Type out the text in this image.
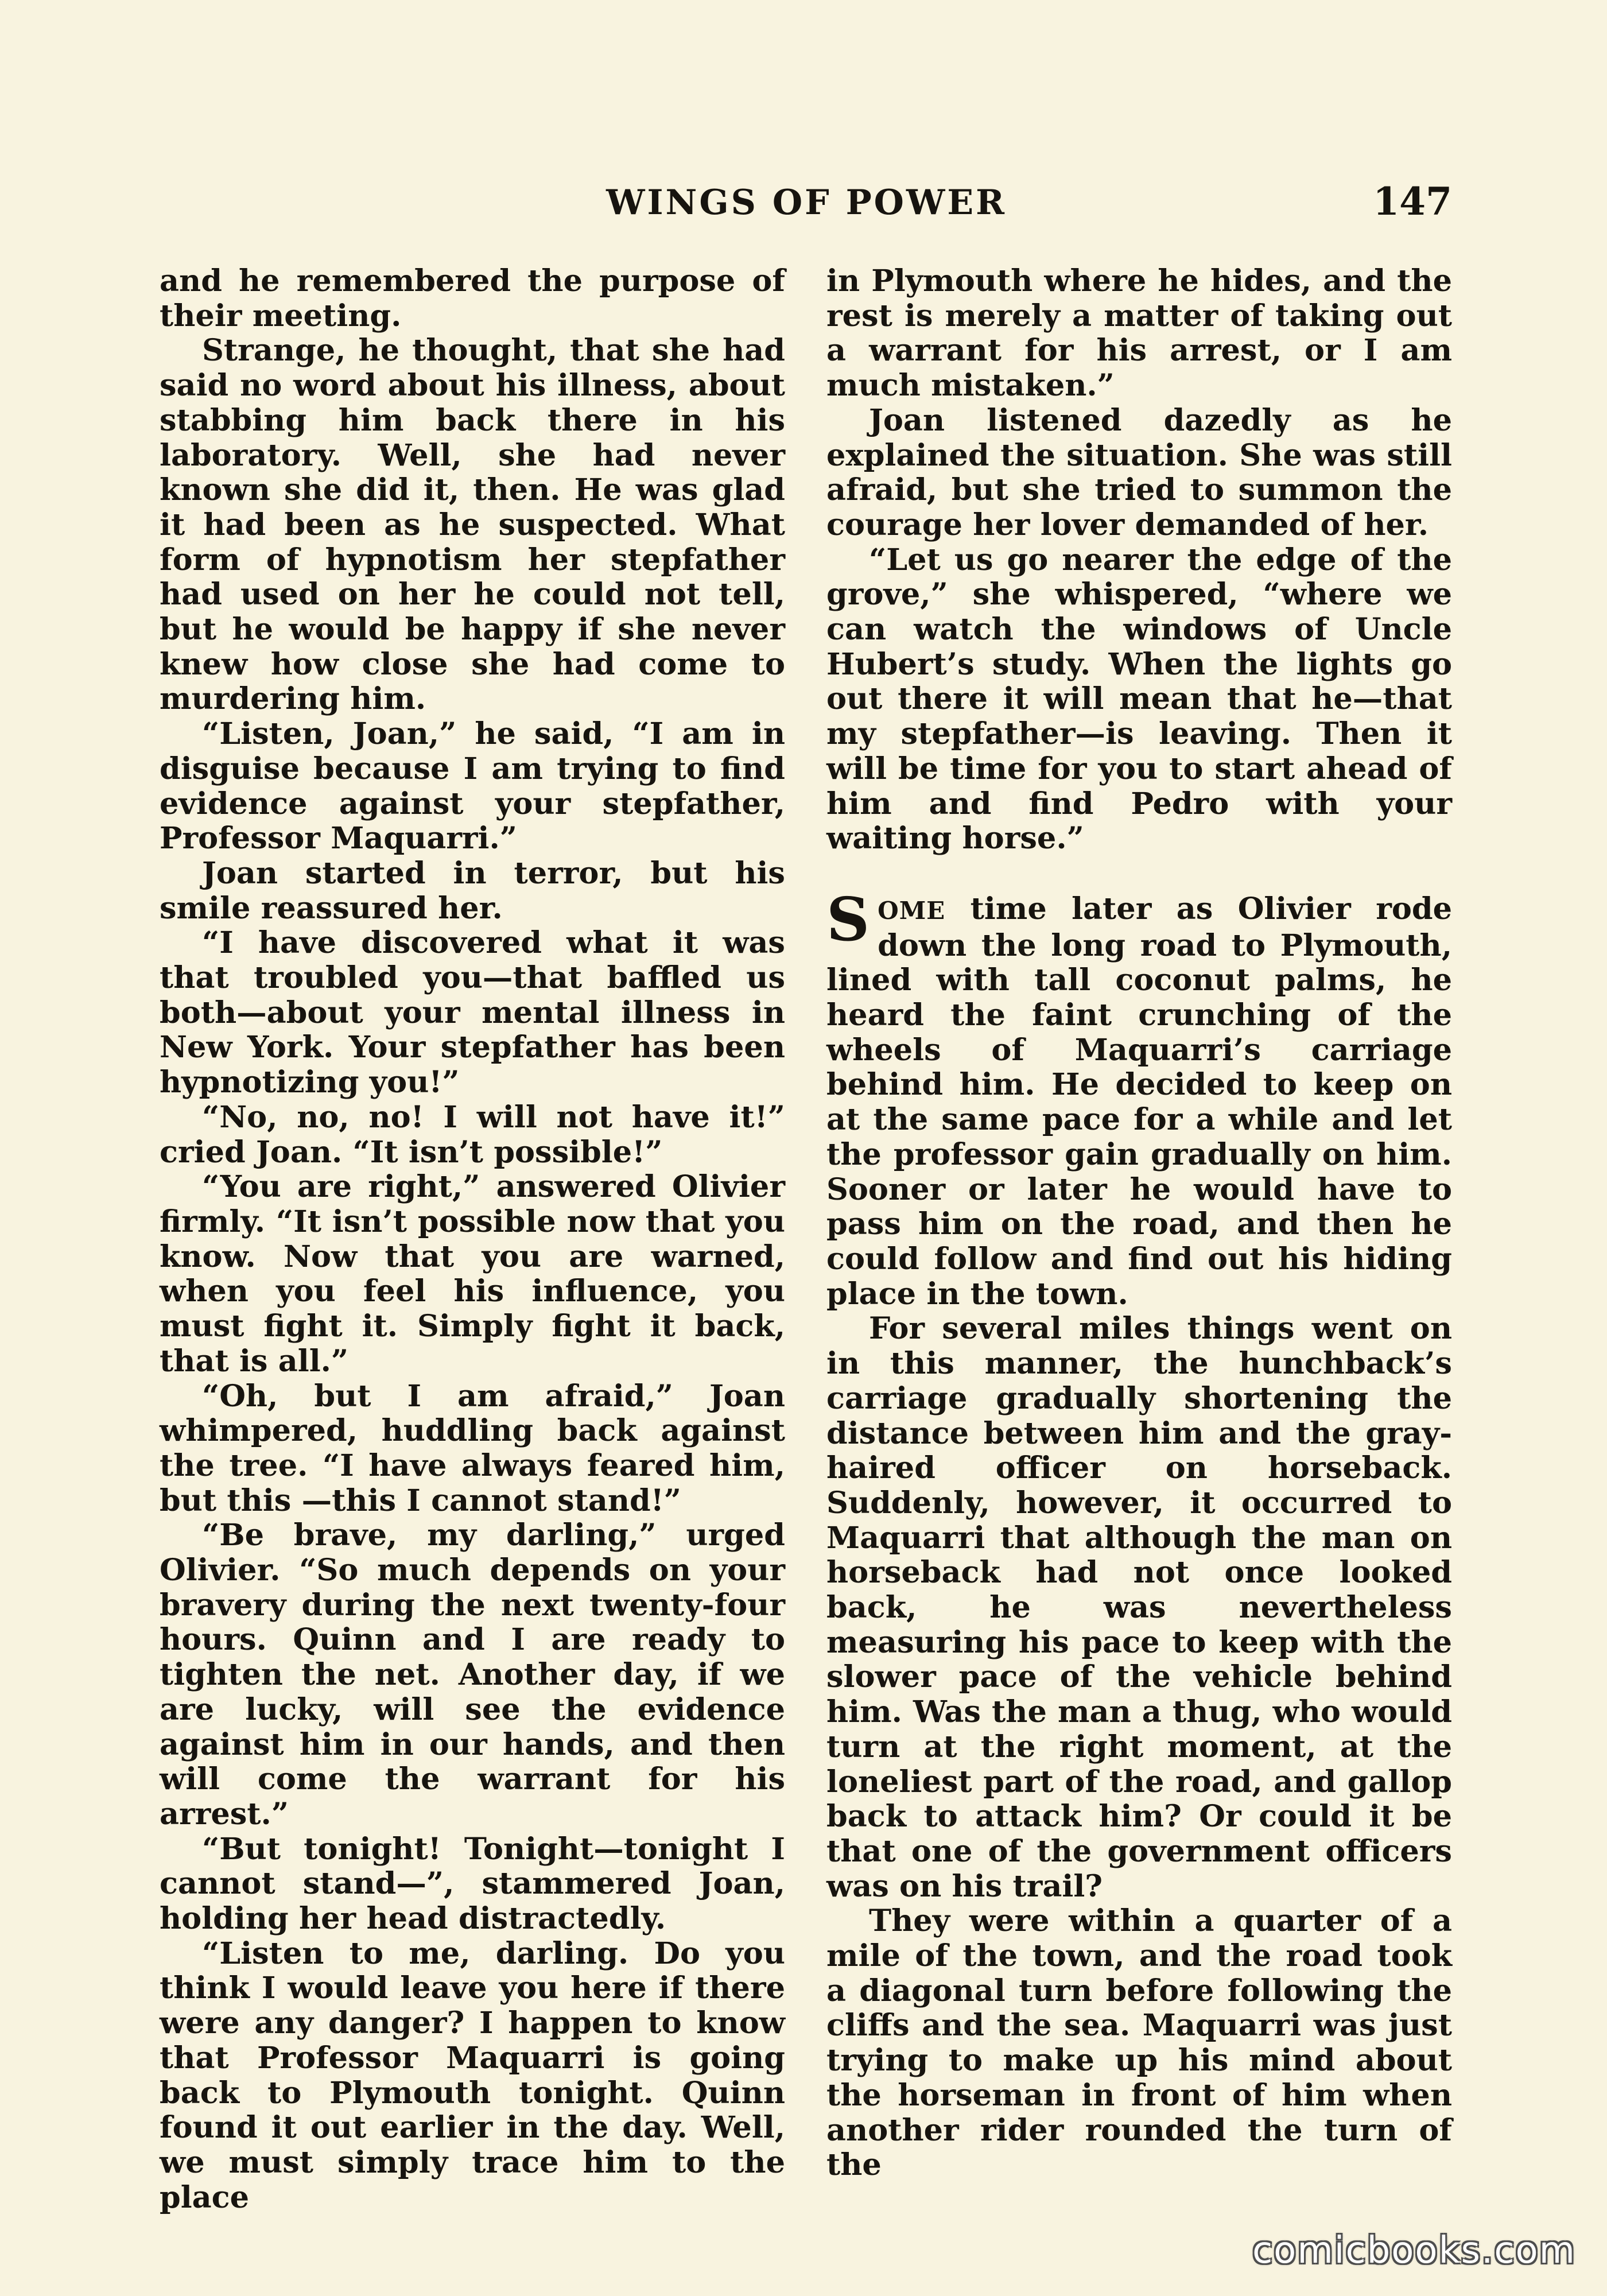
WINGS OF POWER	147

and he remembered the purpose of their meeting.

Strange, he thought, that she had said no word about his illness, about stabbing him back there in his laboratory. Well, she had never known she did it, then. He was glad it had been as he suspected. What form of hypnotism her stepfather had used on her he could not tell, but he would be happy if she never knew how close she had come to murdering him.

“Listen, Joan,” he said, “I am in disguise because I am trying to find evidence against your stepfather, Professor Maquarri.”

Joan started in terror, but his smile reassured her.

“I have discovered what it was that troubled you—that baffled us both—about your mental illness in New York. Your stepfather has been hypnotizing you!”

“No, no, no! I will not have it!” cried Joan. “It isn’t possible!”

“You are right,” answered Olivier firmly. “It isn’t possible now that you know. Now that you are warned, when you feel his influence, you must fight it. Simply fight it back, that is all.”

“Oh, but I am afraid,” Joan whimpered, huddling back against the tree. “I have always feared him, but this —this I cannot stand!”

“Be brave, my darling,” urged Olivier. “So much depends on your bravery during the next twenty-four hours. Quinn and I are ready to tighten the net. Another day, if we are lucky, will see the evidence against him in our hands, and then will come the warrant for his arrest.”

“But tonight! Tonight—tonight I cannot stand—”, stammered Joan, holding her head distractedly.

“Listen to me, darling. Do you think I would leave you here if there were any danger? I happen to know that Professor Maquarri is going back to Plymouth tonight. Quinn found it out earlier in the day. Well, we must simply trace him to the place

in Plymouth where he hides, and the rest is merely a matter of taking out a warrant for his arrest, or I am much mistaken.”

Joan listened dazedly as he explained the situation. She was still afraid, but she tried to summon the courage her lover demanded of her.

“Let us go nearer the edge of the grove,” she whispered, “where we can watch the windows of Uncle Hubert’s study. When the lights go out there it will mean that he—that my stepfather—is leaving. Then it will be time for you to start ahead of him and find Pedro with your waiting horse.”

SOME time later as Olivier rode down the long road to Plymouth, lined with tall coconut palms, he heard the faint crunching of the wheels of Maquarri’s carriage behind him. He decided to keep on at the same pace for a while and let the professor gain gradually on him. Sooner or later he would have to pass him on the road, and then he could follow and find out his hiding place in the town.

For several miles things went on in this manner, the hunchback’s carriage gradually shortening the distance between him and the gray-haired officer on horseback. Suddenly, however, it occurred to Maquarri that although the man on horseback had not once looked back, he was nevertheless measuring his pace to keep with the slower pace of the vehicle behind him. Was the man a thug, who would turn at the right moment, at the loneliest part of the road, and gallop back to attack him? Or could it be that one of the government officers was on his trail?

They were within a quarter of a mile of the town, and the road took a diagonal turn before following the cliffs and the sea. Maquarri was just trying to make up his mind about the horseman in front of him when another rider rounded the turn of the

comicbooks.com
